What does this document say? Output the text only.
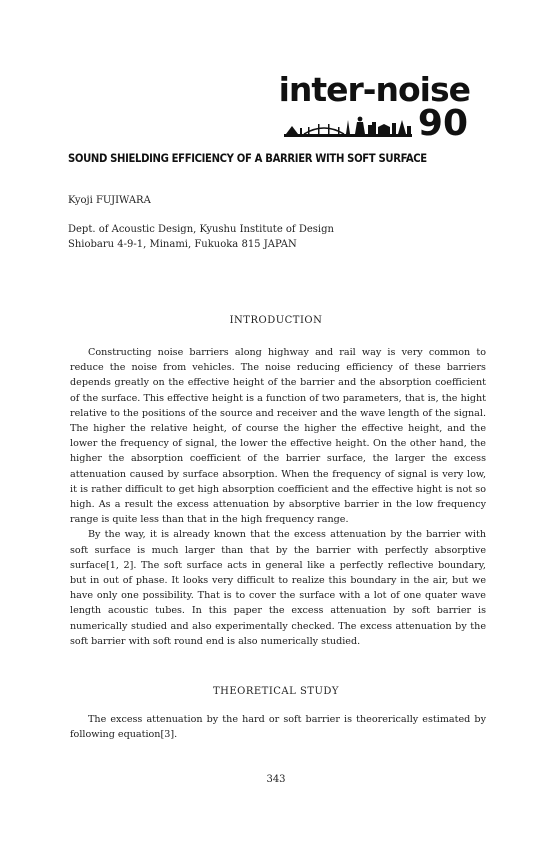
inter-noise
90
SOUND SHIELDING EFFICIENCY OF A BARRIER WITH SOFT SURFACE
Kyoji FUJIWARA
Dept. of Acoustic Design, Kyushu Institute of Design
Shiobaru 4-9-1, Minami, Fukuoka 815 JAPAN
INTRODUCTION

Constructing noise barriers along highway and rail way is very common to reduce the noise from vehicles. The noise reducing efficiency of these barriers depends greatly on the effective height of the barrier and the absorption coefficient of the surface. This effective height is a function of two parameters, that is, the hight relative to the positions of the source and receiver and the wave length of the signal. The higher the relative height, of course the higher the effective height, and the lower the frequency of signal, the lower the effective height. On the other hand, the higher the absorption coefficient of the barrier surface, the larger the excess attenuation caused by surface absorption. When the frequency of signal is very low, it is rather difficult to get high absorption coefficient and the effective hight is not so high. As a result the excess attenuation by absorptive barrier in the low frequency range is quite less than that in the high frequency range.

By the way, it is already known that the excess attenuation by the barrier with soft surface is much larger than that by the barrier with perfectly absorptive surface[1, 2]. The soft surface acts in general like a perfectly reflective boundary, but in out of phase. It looks very difficult to realize this boundary in the air, but we have only one possibility. That is to cover the surface with a lot of one quater wave length acoustic tubes. In this paper the excess attenuation by soft barrier is numerically studied and also experimentally checked. The excess attenuation by the soft barrier with soft round end is also numerically studied.

THEORETICAL STUDY

The excess attenuation by the hard or soft barrier is theorerically estimated by following equation[3].

343
